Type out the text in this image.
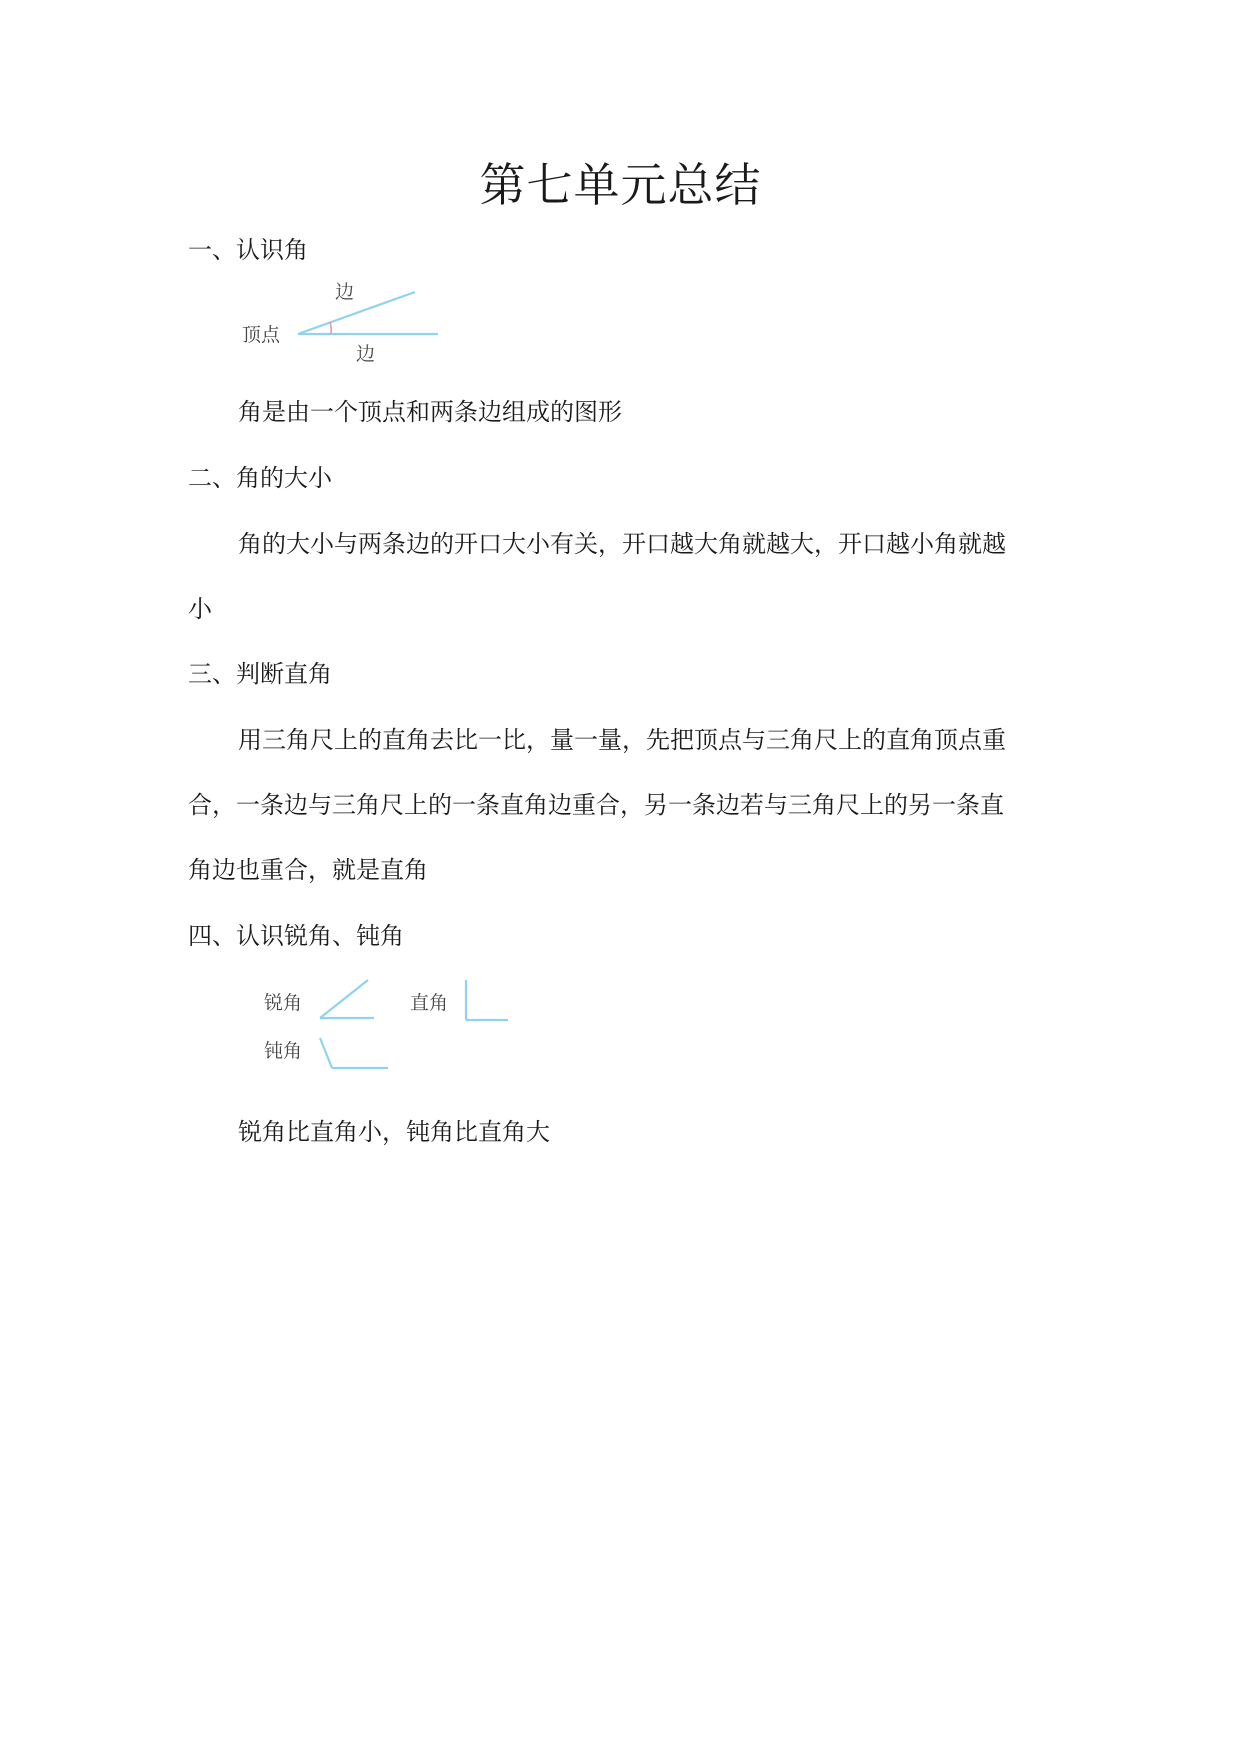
第七单元总结
一、认识角
顶点
边
边
角是由一个顶点和两条边组成的图形
二、角的大小
角的大小与两条边的开口大小有关，开口越大角就越大，开口越小角就越
小
三、判断直角
用三角尺上的直角去比一比，量一量，先把顶点与三角尺上的直角顶点重
合，一条边与三角尺上的一条直角边重合，另一条边若与三角尺上的另一条直
角边也重合，就是直角
四、认识锐角、钝角
锐角	直角
钝角
锐角比直角小，钝角比直角大
